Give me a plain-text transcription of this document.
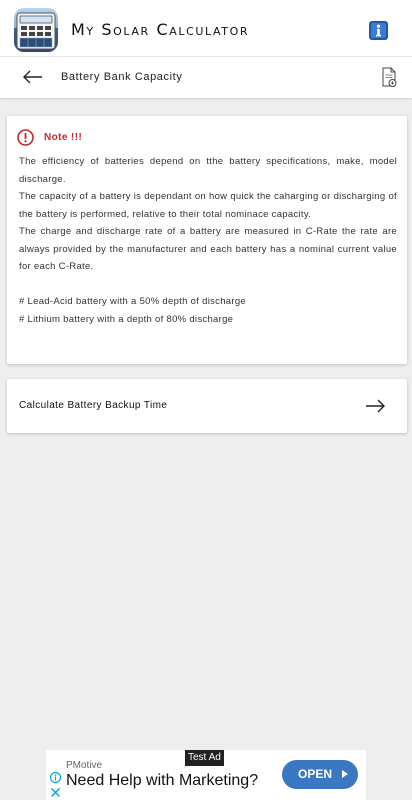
My Solar Calculator
Battery Bank Capacity
Note !!!

The efficiency of batteries depend on tthe battery specifications, make, model discharge.

The capacity of a battery is dependant on how quick the caharging or discharging of the battery is performed, relative to their total nominace capacity.

The charge and discharge rate of a battery are measured in C-Rate the rate are always provided by the manufacturer and each battery has a nominal current value for each C-Rate.

# Lead-Acid battery with a 50% depth of discharge

# Lithium battery with a depth of 80% discharge

Calculate Battery Backup Time
Test Ad
PMotive
Need Help with Marketing?	OPEN
